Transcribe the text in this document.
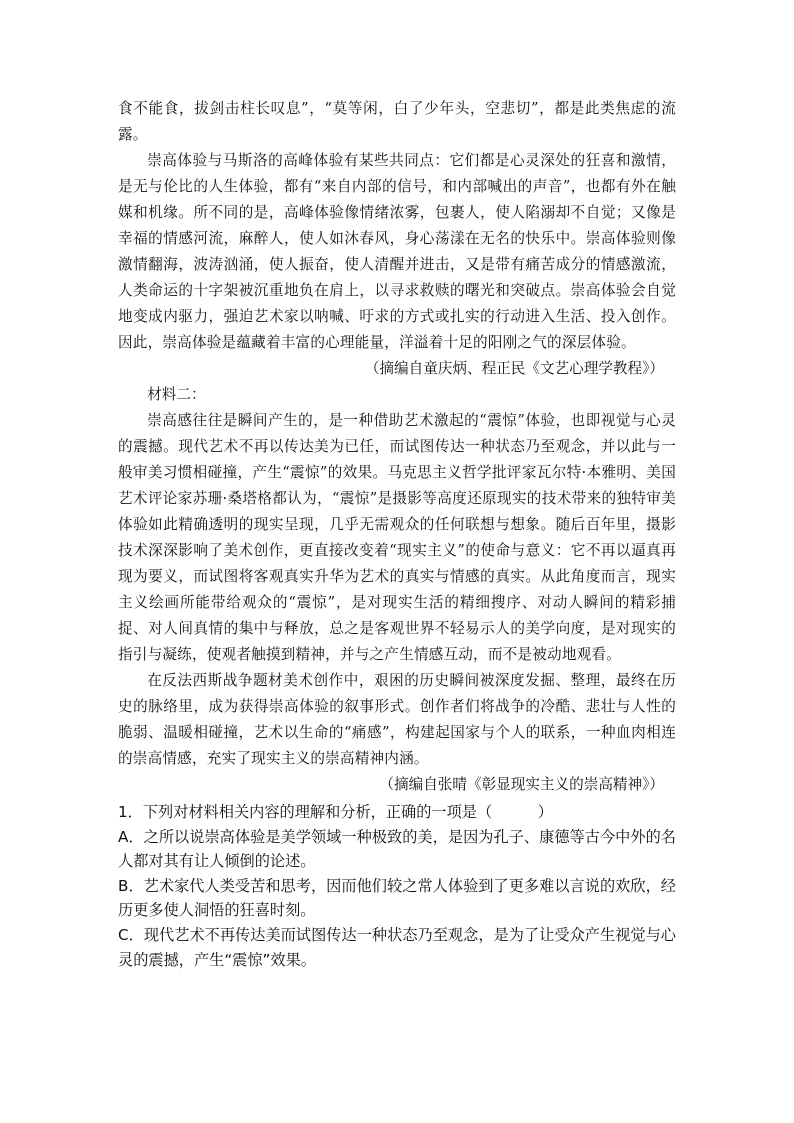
食不能食，拔剑击柱长叹息”，“莫等闲，白了少年头，空悲切”，都是此类焦虑的流露。

崇高体验与马斯洛的高峰体验有某些共同点：它们都是心灵深处的狂喜和激情，是无与伦比的人生体验，都有“来自内部的信号，和内部喊出的声音”，也都有外在触媒和机缘。所不同的是，高峰体验像情绪浓雾，包裹人，使人陷溺却不自觉；又像是幸福的情感河流，麻醉人，使人如沐春风，身心荡漾在无名的快乐中。崇高体验则像激情翻海，波涛汹涌，使人振奋，使人清醒并进击，又是带有痛苦成分的情感激流，人类命运的十字架被沉重地负在肩上，以寻求救赎的曙光和突破点。崇高体验会自觉地变成内驱力，强迫艺术家以呐喊、吁求的方式或扎实的行动进入生活、投入创作。因此，崇高体验是蕴藏着丰富的心理能量，洋溢着十足的阳刚之气的深层体验。

（摘编自童庆炳、程正民《文艺心理学教程》）

材料二：

崇高感往往是瞬间产生的，是一种借助艺术激起的“震惊”体验，也即视觉与心灵的震撼。现代艺术不再以传达美为已任，而试图传达一种状态乃至观念，并以此与一般审美习惯相碰撞，产生“震惊”的效果。马克思主义哲学批评家瓦尔特·本雅明、美国艺术评论家苏珊·桑塔格都认为，“震惊”是摄影等高度还原现实的技术带来的独特审美体验如此精确透明的现实呈现，几乎无需观众的任何联想与想象。随后百年里，摄影技术深深影响了美术创作，更直接改变着“现实主义”的使命与意义：它不再以逼真再现为要义，而试图将客观真实升华为艺术的真实与情感的真实。从此角度而言，现实主义绘画所能带给观众的“震惊”，是对现实生活的精细搜序、对动人瞬间的精彩捕捉、对人间真情的集中与释放，总之是客观世界不轻易示人的美学向度，是对现实的指引与凝练，使观者触摸到精神，并与之产生情感互动，而不是被动地观看。

在反法西斯战争题材美术创作中，艰困的历史瞬间被深度发掘、整理，最终在历史的脉络里，成为获得崇高体验的叙事形式。创作者们将战争的冷酷、悲壮与人性的脆弱、温暖相碰撞，艺术以生命的“痛感”，构建起国家与个人的联系，一种血肉相连的崇高情感，充实了现实主义的崇高精神内涵。

（摘编自张晴《彰显现实主义的崇高精神》）

1．下列对材料相关内容的理解和分析，正确的一项是（　　　）

A．之所以说崇高体验是美学领域一种极致的美，是因为孔子、康德等古今中外的名人都对其有让人倾倒的论述。

B．艺术家代人类受苦和思考，因而他们较之常人体验到了更多难以言说的欢欣，经历更多使人洞悟的狂喜时刻。

C．现代艺术不再传达美而试图传达一种状态乃至观念，是为了让受众产生视觉与心灵的震撼，产生“震惊”效果。
